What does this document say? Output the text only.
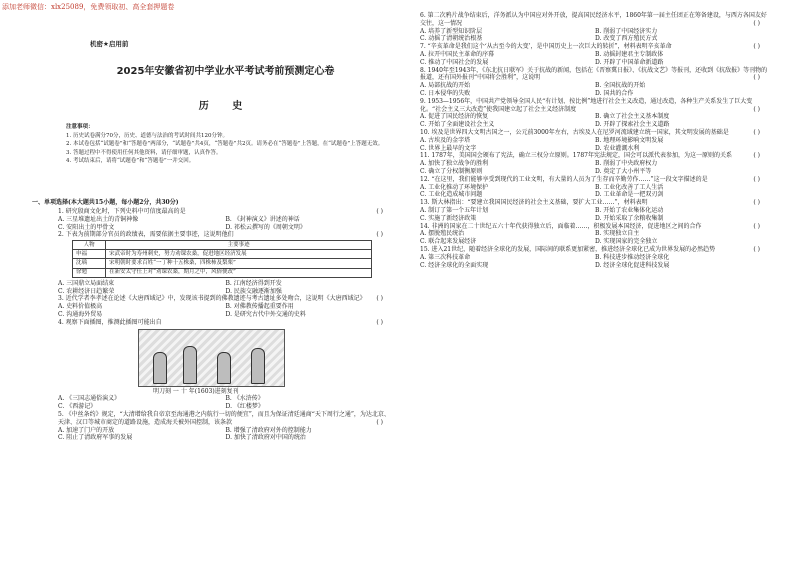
添加老师微信：xlx25089，免费领取初、高全套押题卷
机密★启用前
2025年安徽省初中学业水平考试考前预测定心卷
历 史
注意事项：
1. 历史试卷满分70分，历史、道德与法治的考试时间共120分钟。
2. 本试卷包括“试题卷”和“答题卷”两部分，“试题卷”共4页，“答题卷”共2页。请务必在“答题卷”上答题，在“试题卷”上答题无效。
3. 答题过程中不得使用任何其他资料，请仔细审题，认真作答。
4. 考试结束后，请将“试题卷”和“答题卷”一并交回。
一、单项选择(本大题共15小题，每小题2分，共30分)
1. 研究殷商文化时，下列史料中可信度最高的是	( )
A. 三星堆遗址出土的青铜神像	B. 《封神演义》讲述的神话
C. 安阳出土的甲骨文	D. 祁松云撰写的《周朝文明》
2. 下表为前期部分官员的政绩表，需要依据主要事迹，这说明他们	( )
人物	主要事迹
申福	宋武帝时为寿州刺史，努力劝课农桑，促进地区经济发展
沈瑀	宋明朝时要求百姓“一丁种十五株桑，四株柿及梨栗”
徐勉	在新安太守任上对“劝课农桑，期月之中，风俗便改”
A. 三国鼎立局面结束	B. 江南经济得到开发
C. 农耕经济日趋繁荣	D. 民族交融逐渐加强
3. 近代学者李孝述在论述《大唐西域记》中，发现该书提到的佛教遗迹与考古遗址多处吻合，这说明《大唐西域记》 ( )
A. 史料价值极高	B. 对佛教传播起重要作用
C. 沟通海外贸易	D. 是研究古代中外交通的史料
4. 观察下面插图，推测此插图可能出自	( )
明刀刻 一 十 年(1603)进刻复刊
A. 《三国志通俗演义》	B. 《水浒传》
C. 《西游记》	D. 《红楼梦》
5. 《中丝条约》规定，“大清增给我自帝京至海通港之内航行一切的便宜”，而且为保证清廷通商“天下周行之通”，为达北京、天津、汉口等城市商定的道路设施，造成海关被外国控制，该条款	( )
A. 加速了门户的开放	B. 增强了清政府对外的控制能力
C. 阻止了清政府军事的发展	D. 加快了清政府对中国的统治
6. 第二次鸦片战争结束后，洋务派认为中国应对外开放，提高国民经济水平，1860年第一届主任团正在筹备建设，与西方各国友好交往，这一情况	( )
A. 培养了新型知识阶层	B. 削弱了中国经济实力
C. 动摇了清朝统治根基	D. 改变了西方殖民方式
7. “辛亥革命是我们这个‘从古至今的大变’，是中国历史上一次巨大的转折”，材料表明辛亥革命	( )
A. 拉开中国民主革命的序幕	B. 动摇封建君主专制政体
C. 推动了中国社会的发展	D. 开辟了中国革命新道路
8. 1940年至1943年，《东北抗日联军》关于抗战的新闻，包括在《晋察冀日报》、《抗战文艺》等报刊，还收到《抗敌报》等刊物的报道，还有国外报刊“中国将会胜利”，这说明	( )
A. 局部抗战的开始	B. 全国抗战的开始
C. 日本侵华的失败	D. 国共的合作
9. 1953—1956年，中国共产党领导全国人民“有计划、按比例”地进行社会主义改造，通过改造，各种生产关系发生了巨大变化。“社会主义三大改造”使我国建立起了社会主义经济制度	( )
A. 促进了国民经济的恢复	B. 确立了社会主义基本制度
C. 开始了全面建设社会主义	D. 开辟了探索社会主义道路
10. 埃及是世界四大文明古国之一，公元前3000年左右，古埃及人在尼罗河流域建立统一国家，其文明发展的基础是	( )
A. 古埃及的金字塔	B. 地理环境影响文明发展
C. 世界上最早的文字	D. 农业灌溉水利
11. 1787年，美国国会颁布了宪法，确立三权分立原则。1787年宪法规定，国会可以派代表参加，为这一原则的关系	( )
A. 加快了独立战争的胜利	B. 削弱了中央政府权力
C. 确立了分权制衡原则	D. 奠定了大小州平等
12. “在这里，我们能够享受到现代的工业文明，有大量的人员为了生存而辛勤劳作……”这一段文字描述的是	( )
A. 工业化推动了环境保护	B. 工业化改善了工人生活
C. 工业化造成城市问题	D. 工业革命是一把双刃剑
13. 斯大林指出：“要建立我国国民经济的社会主义基础，要扩大工业……”，材料表明	( )
A. 制订了第一个五年计划	B. 开始了农业集体化运动
C. 实施了新经济政策	D. 开始采取了余粮收集制
14. 非洲的国家在二十世纪五六十年代获得独立后，面临着……，积极发展本国经济，促进地区之间的合作	( )
A. 摆脱殖民统治	B. 实现独立自主
C. 联合起来发展经济	D. 实现国家的完全独立
15. 进入21世纪，随着经济全球化的发展，国际间的联系更加紧密，推进经济全球化已成为世界发展的必然趋势	( )
A. 第三次科技革命	B. 科技进步推动经济全球化
C. 经济全球化的全面实现	D. 经济全球化促进科技发展
